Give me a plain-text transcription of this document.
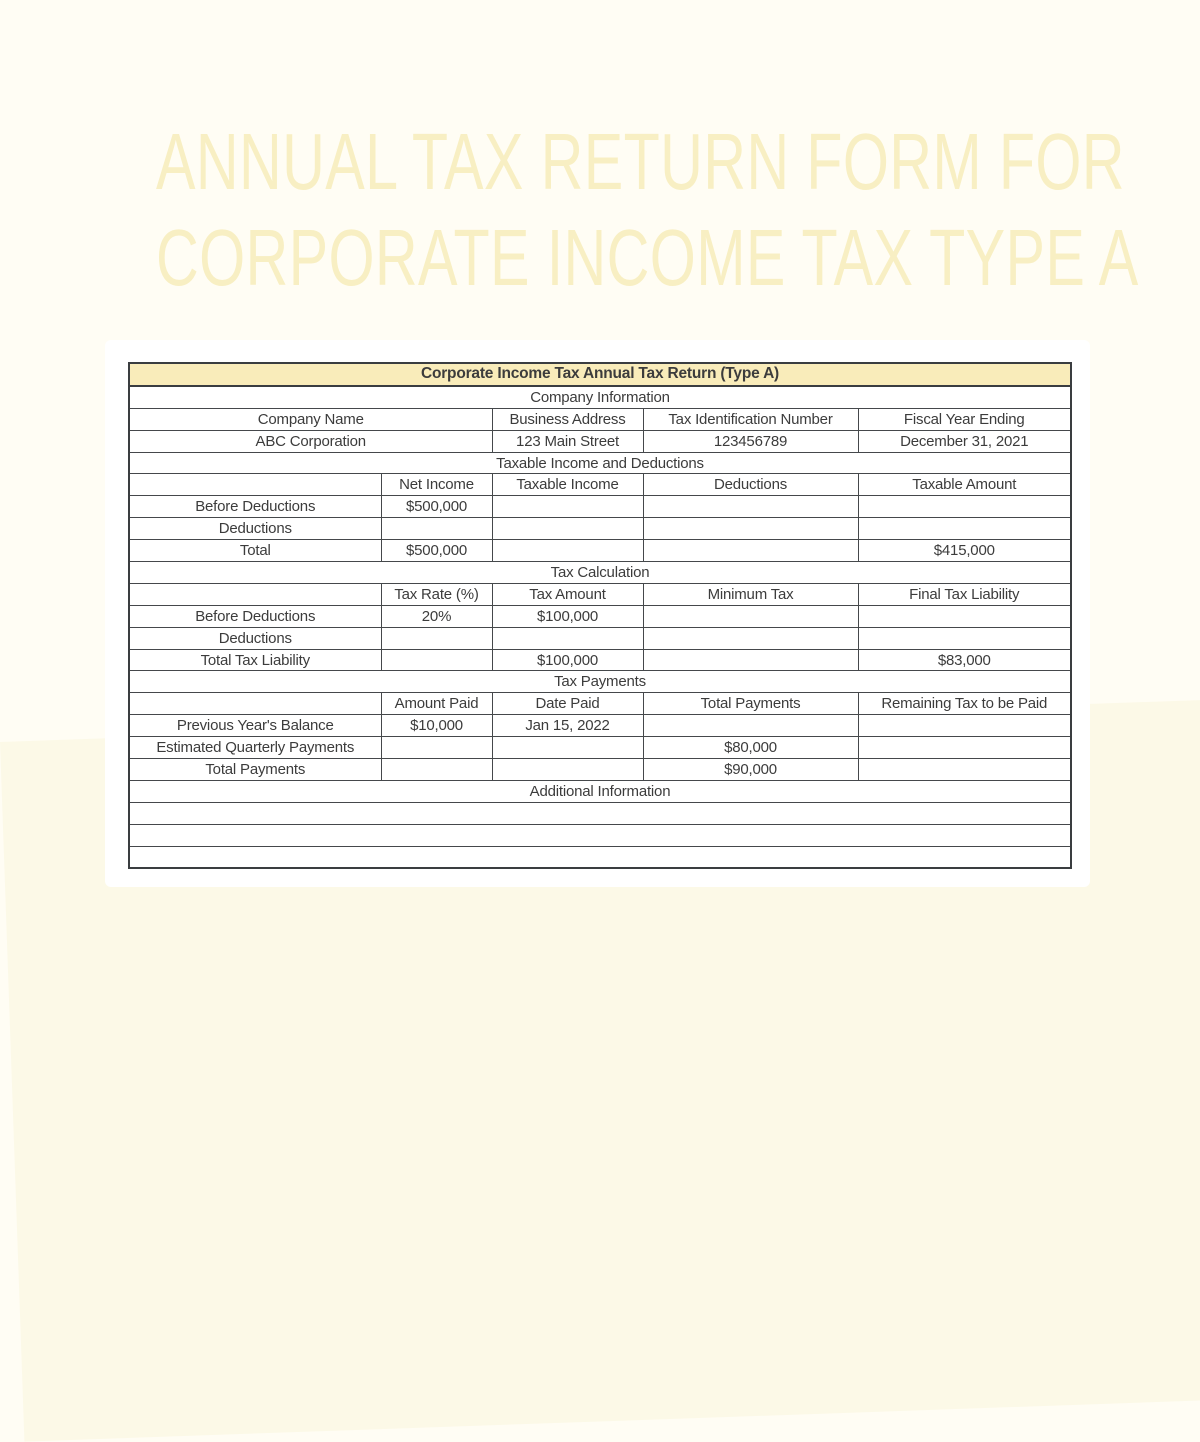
ANNUAL TAX RETURN FORM FOR
CORPORATE INCOME TAX TYPE A
Corporate Income Tax Annual Tax Return (Type A)				
Company Information				
Company Name		Business Address	Tax Identification Number	Fiscal Year Ending
ABC Corporation		123 Main Street	123456789	December 31, 2021
Taxable Income and Deductions				
	Net Income	Taxable Income	Deductions	Taxable Amount
Before Deductions	$500,000			
Deductions				
Total	$500,000			$415,000
Tax Calculation				
	Tax Rate (%)	Tax Amount	Minimum Tax	Final Tax Liability
Before Deductions	20%	$100,000		
Deductions				
Total Tax Liability		$100,000		$83,000
Tax Payments				
	Amount Paid	Date Paid	Total Payments	Remaining Tax to be Paid
Previous Year's Balance	$10,000	Jan 15, 2022		
Estimated Quarterly Payments			$80,000	
Total Payments			$90,000	
Additional Information				
